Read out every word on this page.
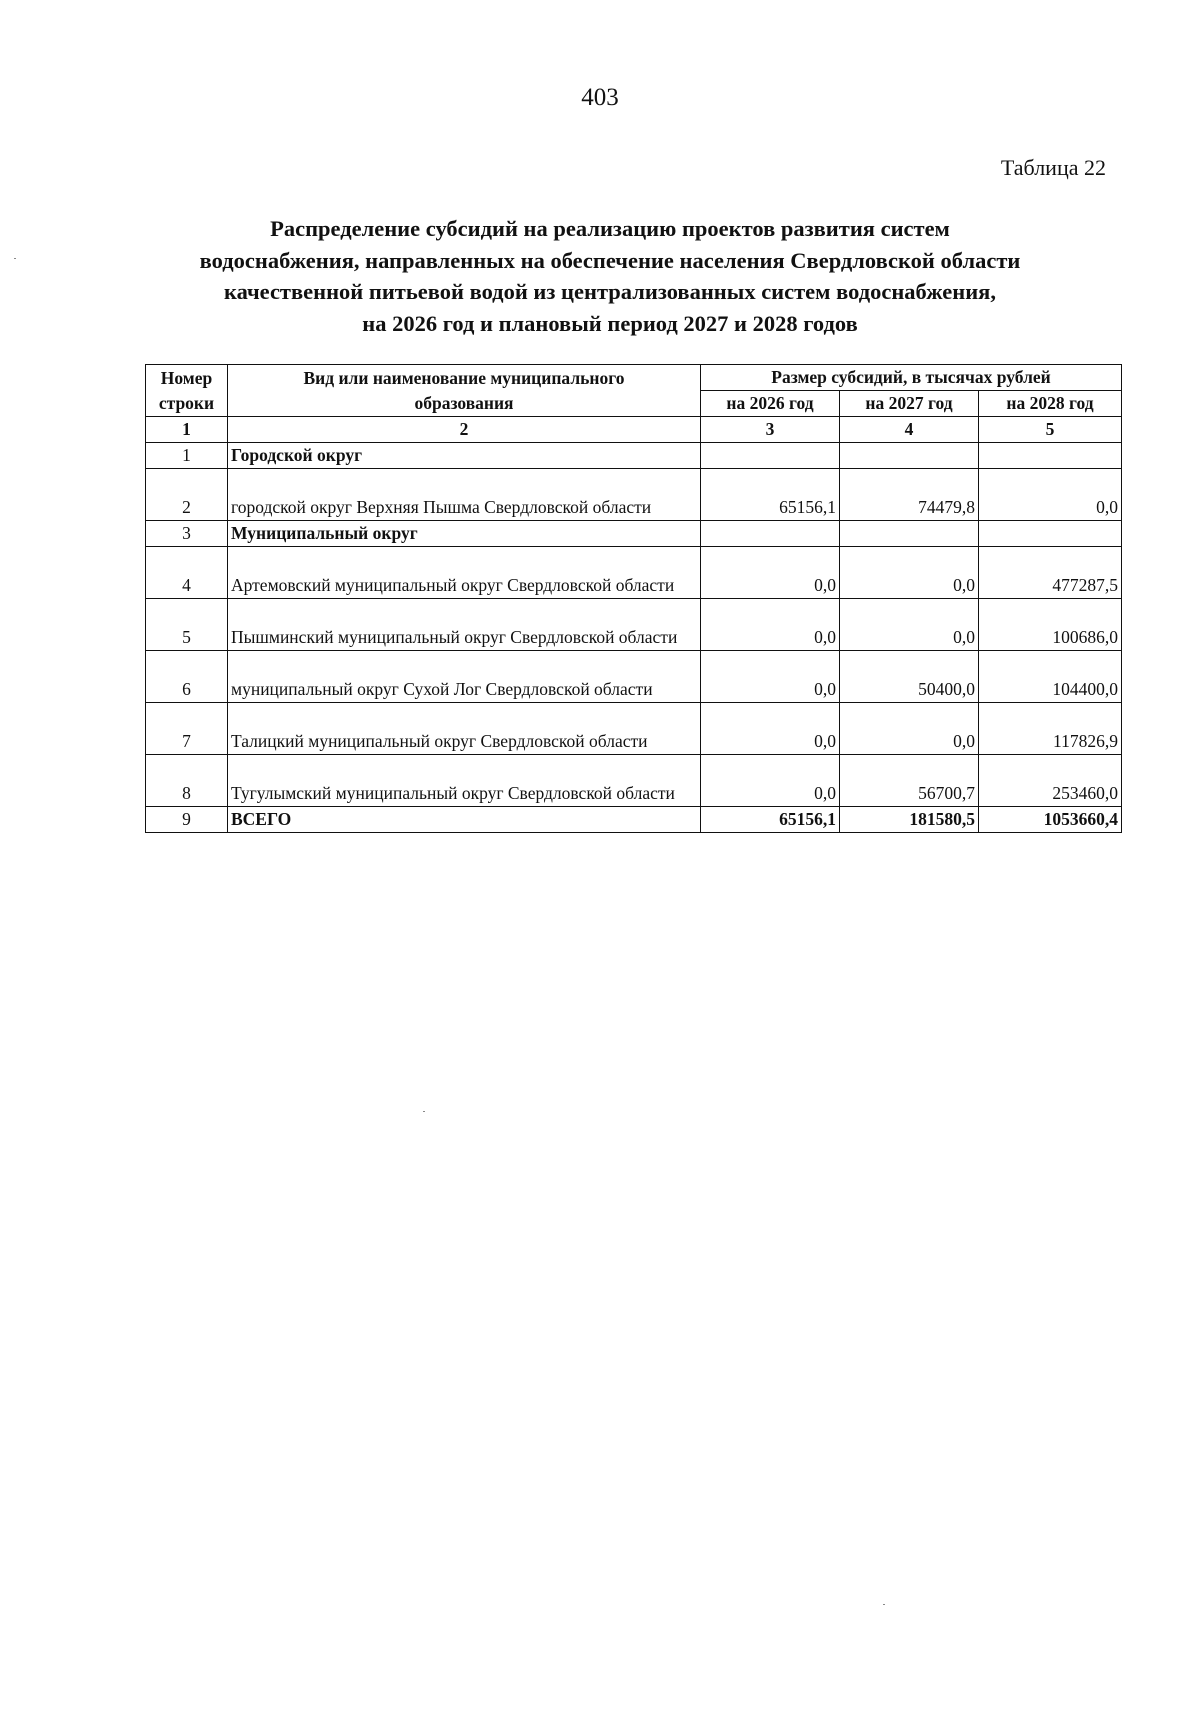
403
Таблица 22
Распределение субсидий на реализацию проектов развития систем
водоснабжения, направленных на обеспечение населения Свердловской области
качественной питьевой водой из централизованных систем водоснабжения,
на 2026 год и плановый период 2027 и 2028 годов
Номер	Вид или наименование муниципального	Размер субсидий, в тысячах рублей		
строки	образования	на 2026 год	на 2027 год	на 2028 год
1	2	3	4	5
1	Городской округ			
2	городской округ Верхняя Пышма Свердловской области	65156,1	74479,8	0,0
3	Муниципальный округ			
4	Артемовский муниципальный округ Свердловской области	0,0	0,0	477287,5
5	Пышминский муниципальный округ Свердловской области	0,0	0,0	100686,0
6	муниципальный округ Сухой Лог Свердловской области	0,0	50400,0	104400,0
7	Талицкий муниципальный округ Свердловской области	0,0	0,0	117826,9
8	Тугулымский муниципальный округ Свердловской области	0,0	56700,7	253460,0
9	ВСЕГО	65156,1	181580,5	1053660,4
